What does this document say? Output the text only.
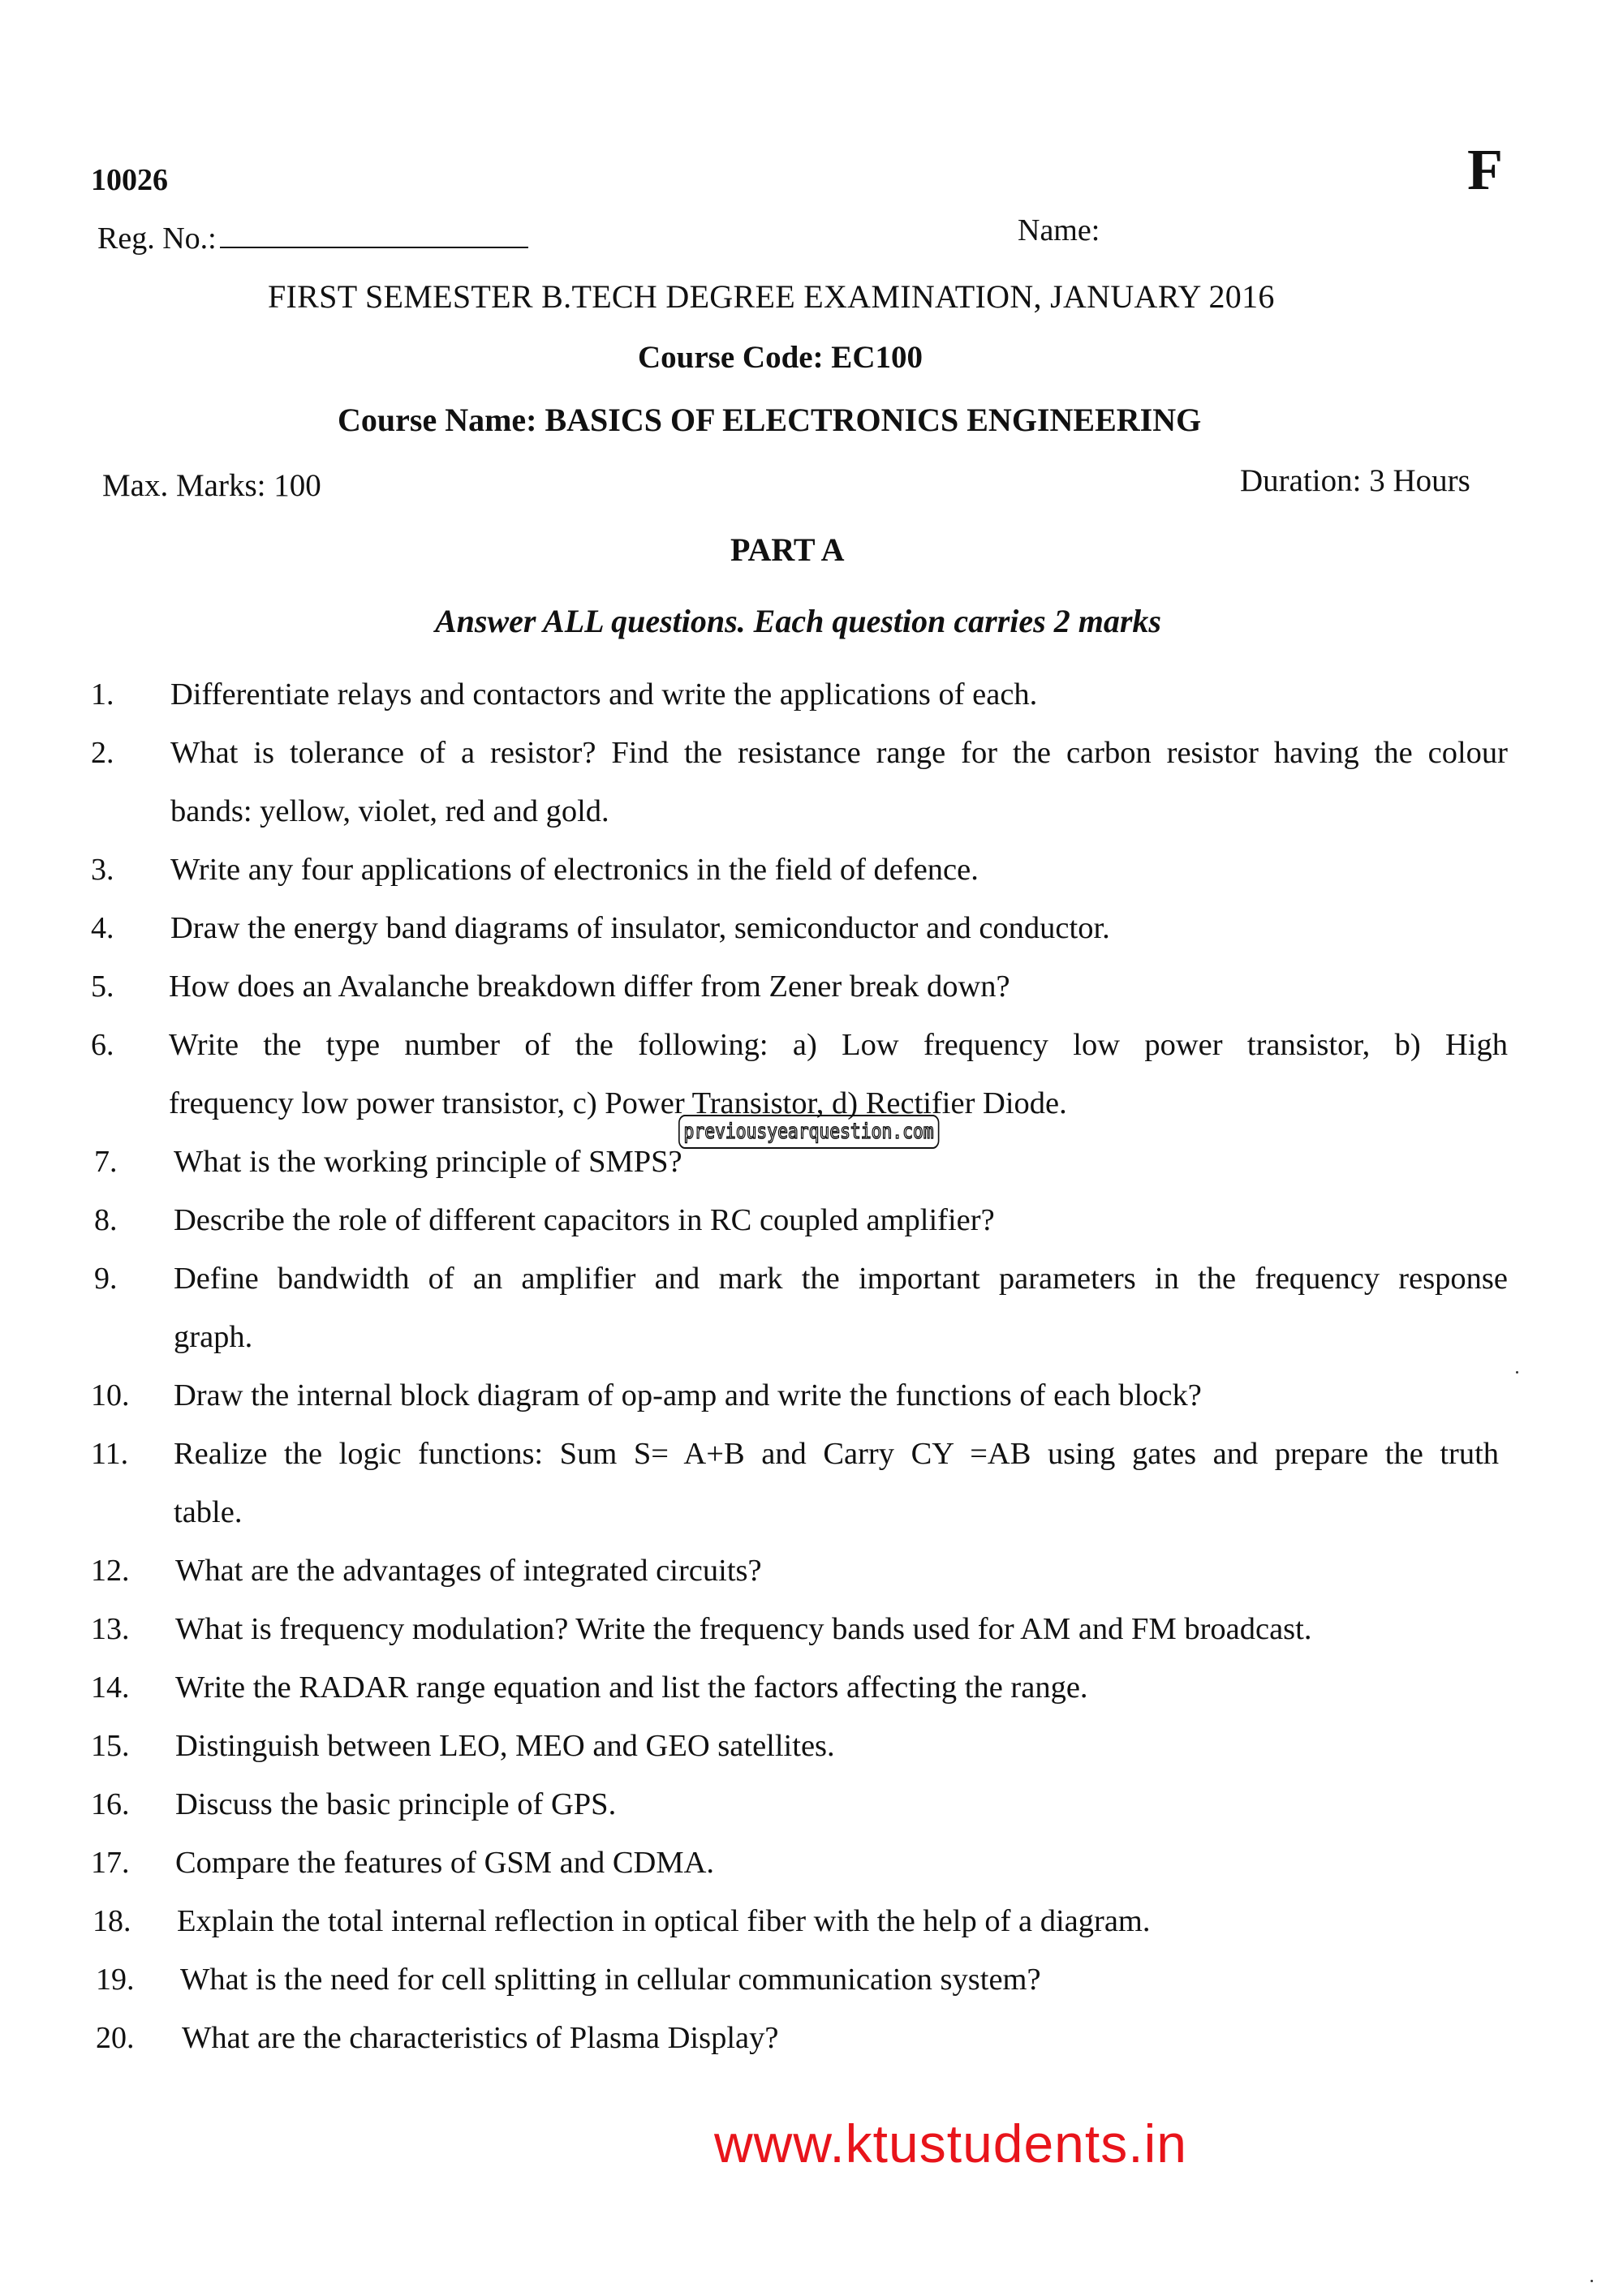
10026	F
Reg. No.:	Name:
FIRST SEMESTER B.TECH DEGREE EXAMINATION, JANUARY 2016
Course Code: EC100
Course Name: BASICS OF ELECTRONICS ENGINEERING
Max. Marks: 100	Duration: 3 Hours
PART A
Answer ALL questions. Each question carries 2 marks
1. Differentiate relays and contactors and write the applications of each.
2. What is tolerance of a resistor? Find the resistance range for the carbon resistor having the colour
bands: yellow, violet, red and gold.
3. Write any four applications of electronics in the field of defence.
4. Draw the energy band diagrams of insulator, semiconductor and conductor.
5. How does an Avalanche breakdown differ from Zener break down?
6. Write the type number of the following: a) Low frequency low power transistor, b) High
frequency low power transistor, c) Power Transistor, d) Rectifier Diode.
7. What is the working principle of SMPS?
8. Describe the role of different capacitors in RC coupled amplifier?
9. Define bandwidth of an amplifier and mark the important parameters in the frequency response
graph.
10. Draw the internal block diagram of op-amp and write the functions of each block?
11. Realize the logic functions: Sum S= A+B and Carry CY =AB using gates and prepare the truth
table.
12. What are the advantages of integrated circuits?
13. What is frequency modulation? Write the frequency bands used for AM and FM broadcast.
14. Write the RADAR range equation and list the factors affecting the range.
15. Distinguish between LEO, MEO and GEO satellites.
16. Discuss the basic principle of GPS.
17. Compare the features of GSM and CDMA.
18. Explain the total internal reflection in optical fiber with the help of a diagram.
19. What is the need for cell splitting in cellular communication system?
20. What are the characteristics of Plasma Display?
previousyearquestion.com
www.ktustudents.in
